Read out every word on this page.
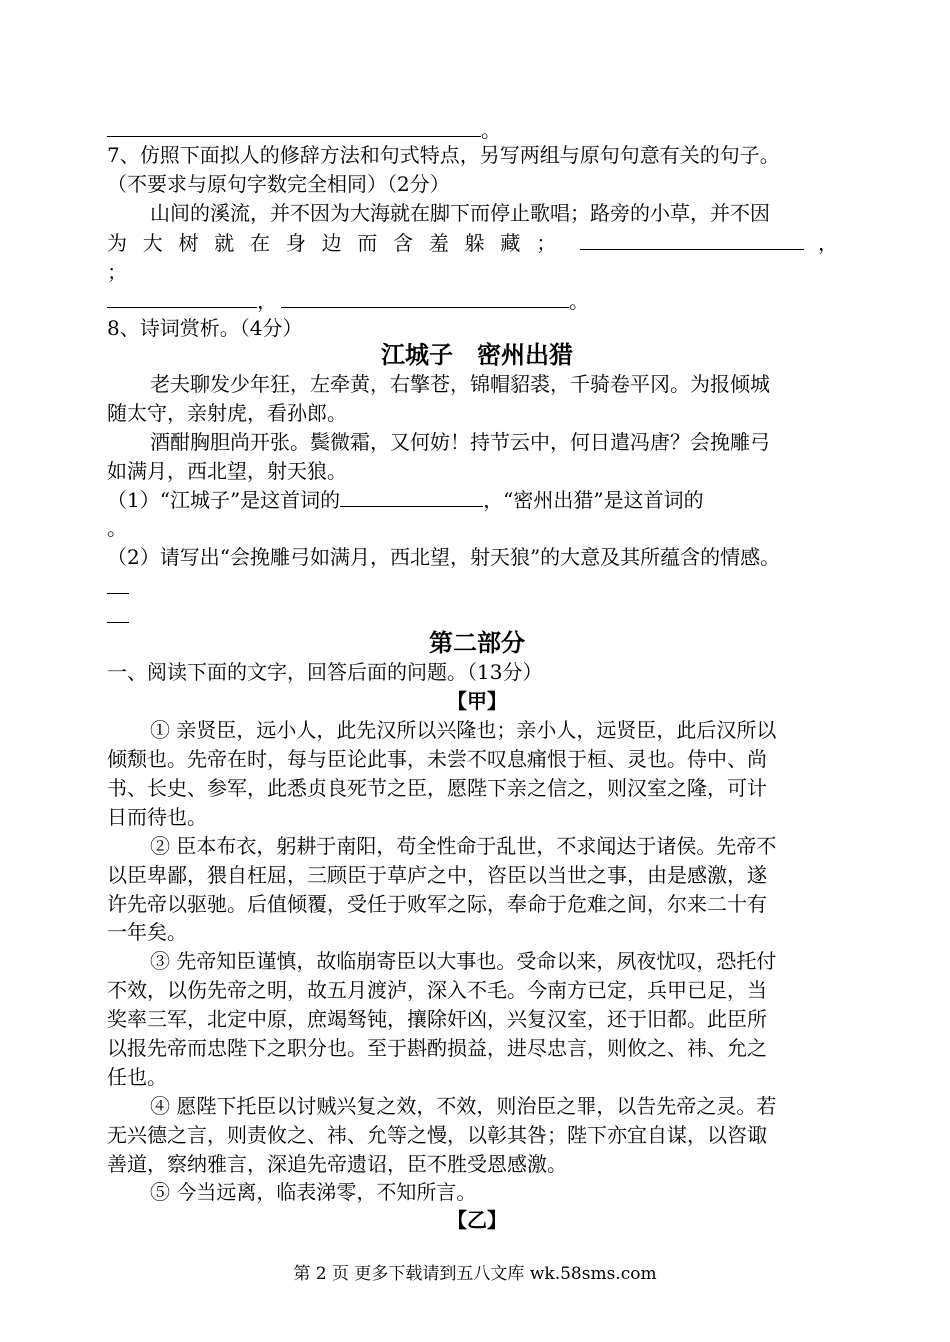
。
7、仿照下面拟人的修辞方法和句式特点，另写两组与原句句意有关的句子。
（不要求与原句字数完全相同）（2分）
山间的溪流，并不因为大海就在脚下而停止歌唱；路旁的小草，并不因
为 大 树 就 在 身 边 而 含 羞 躲 藏 ；	，
；
，	。
8、诗词赏析。（4分）
江城子　密州出猎
老夫聊发少年狂，左牵黄，右擎苍，锦帽貂裘，千骑卷平冈。为报倾城
随太守，亲射虎，看孙郎。
酒酣胸胆尚开张。鬓微霜，又何妨！持节云中，何日遣冯唐？会挽雕弓
如满月，西北望，射天狼。
（1）“江城子”是这首词的	，“密州出猎”是这首词的
。
（2）请写出“会挽雕弓如满月，西北望，射天狼”的大意及其所蕴含的情感。
第二部分
一、阅读下面的文字，回答后面的问题。（13分）
【甲】
① 亲贤臣，远小人，此先汉所以兴隆也；亲小人，远贤臣，此后汉所以
倾颓也。先帝在时，每与臣论此事，未尝不叹息痛恨于桓、灵也。侍中、尚
书、长史、参军，此悉贞良死节之臣，愿陛下亲之信之，则汉室之隆，可计
日而待也。
② 臣本布衣，躬耕于南阳，苟全性命于乱世，不求闻达于诸侯。先帝不
以臣卑鄙，猥自枉屈，三顾臣于草庐之中，咨臣以当世之事，由是感激，遂
许先帝以驱驰。后值倾覆，受任于败军之际，奉命于危难之间，尔来二十有
一年矣。
③ 先帝知臣谨慎，故临崩寄臣以大事也。受命以来，夙夜忧叹，恐托付
不效，以伤先帝之明，故五月渡泸，深入不毛。今南方已定，兵甲已足，当
奖率三军，北定中原，庶竭驽钝，攘除奸凶，兴复汉室，还于旧都。此臣所
以报先帝而忠陛下之职分也。至于斟酌损益，进尽忠言，则攸之、祎、允之
任也。
④ 愿陛下托臣以讨贼兴复之效，不效，则治臣之罪，以告先帝之灵。若
无兴德之言，则责攸之、祎、允等之慢，以彰其咎；陛下亦宜自谋，以咨诹
善道，察纳雅言，深追先帝遗诏，臣不胜受恩感激。
⑤ 今当远离，临表涕零，不知所言。
【乙】
第 2 页 更多下载请到五八文库 wk.58sms.com
